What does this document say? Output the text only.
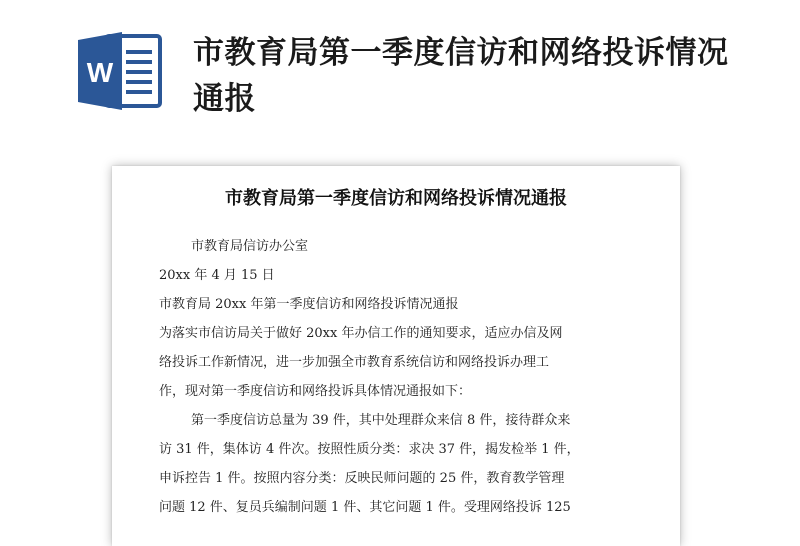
W
市教育局第一季度信访和网络投诉情况通报
市教育局第一季度信访和网络投诉情况通报
市教育局信访办公室
20xx 年 4 月 15 日
市教育局 20xx 年第一季度信访和网络投诉情况通报
为落实市信访局关于做好 20xx 年办信工作的通知要求，适应办信及网
络投诉工作新情况，进一步加强全市教育系统信访和网络投诉办理工
作，现对第一季度信访和网络投诉具体情况通报如下：
第一季度信访总量为 39 件，其中处理群众来信 8 件，接待群众来
访 31 件，集体访 4 件次。按照性质分类：求决 37 件，揭发检举 1 件，
申诉控告 1 件。按照内容分类：反映民师问题的 25 件，教育教学管理
问题 12 件、复员兵编制问题 1 件、其它问题 1 件。受理网络投诉 125
